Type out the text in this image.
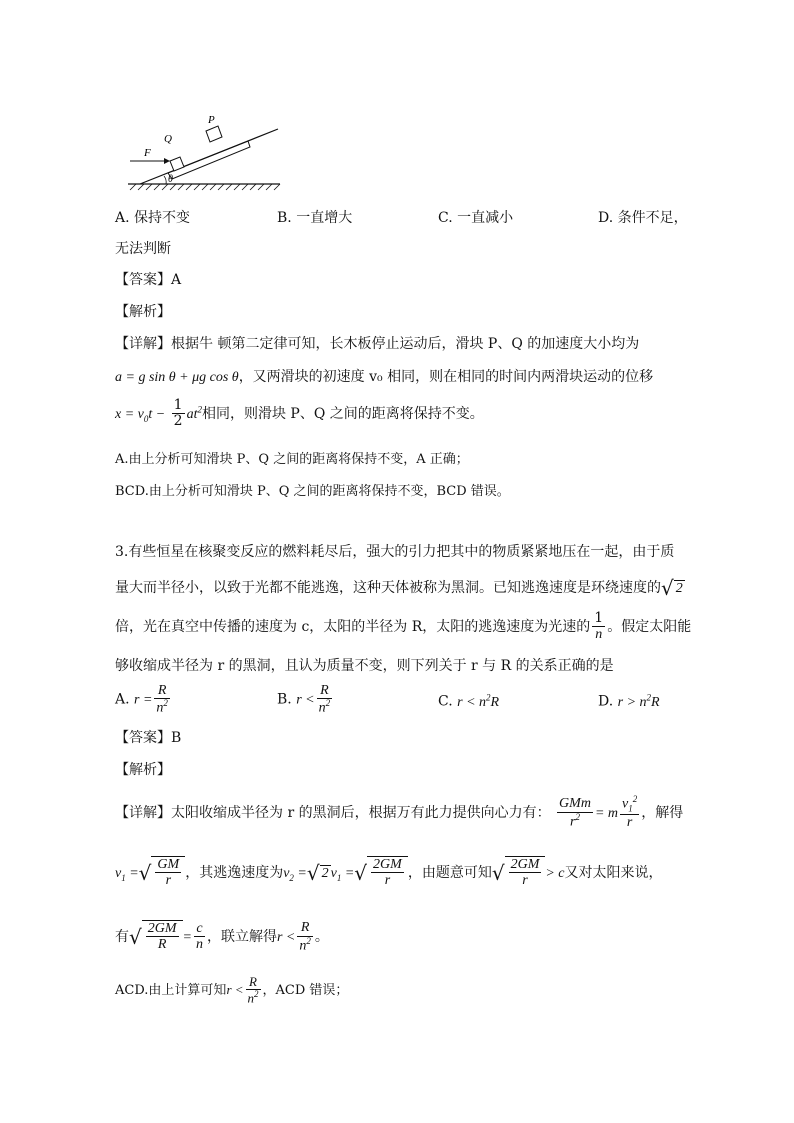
Q
P
F
θ
A. 保持不变	B. 一直增大	C. 一直减小	D. 条件不足，
无法判断
【答案】A
【解析】
【详解】根据牛 顿第二定律可知，长木板停止运动后，滑块 P、Q 的加速度大小均为
a = g sin θ + μg cos θ，又两滑块的初速度 v₀ 相同，则在相同的时间内两滑块运动的位移
$x = v_0t - \frac{1}{2} at^2$相同，则滑块 P、Q 之间的距离将保持不变。
A.由上分析可知滑块 P、Q 之间的距离将保持不变，A 正确；
BCD.由上分析可知滑块 P、Q 之间的距离将保持不变，BCD 错误。
3.有些恒星在核聚变反应的燃料耗尽后，强大的引力把其中的物质紧紧地压在一起，由于质
量大而半径小，以致于光都不能逃逸，这种天体被称为黑洞。已知逃逸速度是环绕速度的√ 2
倍，光在真空中传播的速度为 c，太阳的半径为 R，太阳的逃逸速度为光速的 $\frac{1}{n}$ 。假定太阳能
够收缩成半径为 r 的黑洞，且认为质量不变，则下列关于 r 与 R 的关系正确的是
A. $r = \frac{R}{n^2}$	B. $r < \frac{R}{n^2}$	C. $r < n^2R$	D. $r > n^2R$
【答案】B
【解析】
【详解】太阳收缩成半径为 r 的黑洞后，根据万有此力提供向心力有： $\frac{\text{GMm}}{r^2} = m \frac{v_1^2}{r}$ ，解得
$v_1$ =√ $\frac{GM}{r}$ ，其逃逸速度为$v_2$ =√ 2 $v_1$ =√ $\frac{2GM}{r}$ ，由题意可知√ $\frac{2GM}{r} > c$又对太阳来说，
有√ $\frac{2GM}{R} = \frac{c}{n}$ ，联立解得$r < \frac{R}{n^2}$ 。
ACD.由上计算可知$r < \frac{R}{n^2}$ ，ACD 错误；
